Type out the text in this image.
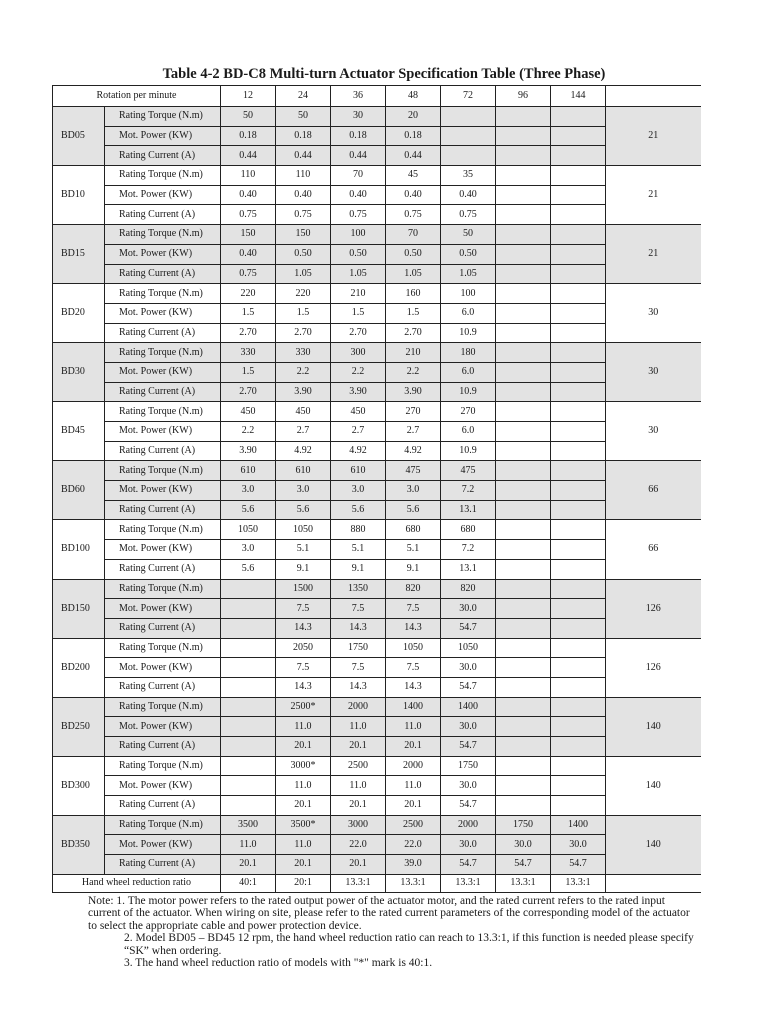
Table 4-2 BD-C8 Multi-turn Actuator Specification Table (Three Phase)
Rotation per minute		12	24	36	48	72	96	144	
BD05	Rating Torque (N.m)	50	50	30	20				21
	Mot. Power (KW)	0.18	0.18	0.18	0.18				
	Rating Current (A)	0.44	0.44	0.44	0.44				
BD10	Rating Torque (N.m)	110	110	70	45	35			21
	Mot. Power (KW)	0.40	0.40	0.40	0.40	0.40			
	Rating Current (A)	0.75	0.75	0.75	0.75	0.75			
BD15	Rating Torque (N.m)	150	150	100	70	50			21
	Mot. Power (KW)	0.40	0.50	0.50	0.50	0.50			
	Rating Current (A)	0.75	1.05	1.05	1.05	1.05			
BD20	Rating Torque (N.m)	220	220	210	160	100			30
	Mot. Power (KW)	1.5	1.5	1.5	1.5	6.0			
	Rating Current (A)	2.70	2.70	2.70	2.70	10.9			
BD30	Rating Torque (N.m)	330	330	300	210	180			30
	Mot. Power (KW)	1.5	2.2	2.2	2.2	6.0			
	Rating Current (A)	2.70	3.90	3.90	3.90	10.9			
BD45	Rating Torque (N.m)	450	450	450	270	270			30
	Mot. Power (KW)	2.2	2.7	2.7	2.7	6.0			
	Rating Current (A)	3.90	4.92	4.92	4.92	10.9			
BD60	Rating Torque (N.m)	610	610	610	475	475			66
	Mot. Power (KW)	3.0	3.0	3.0	3.0	7.2			
	Rating Current (A)	5.6	5.6	5.6	5.6	13.1			
BD100	Rating Torque (N.m)	1050	1050	880	680	680			66
	Mot. Power (KW)	3.0	5.1	5.1	5.1	7.2			
	Rating Current (A)	5.6	9.1	9.1	9.1	13.1			
BD150	Rating Torque (N.m)		1500	1350	820	820			126
	Mot. Power (KW)		7.5	7.5	7.5	30.0			
	Rating Current (A)		14.3	14.3	14.3	54.7			
BD200	Rating Torque (N.m)		2050	1750	1050	1050			126
	Mot. Power (KW)		7.5	7.5	7.5	30.0			
	Rating Current (A)		14.3	14.3	14.3	54.7			
BD250	Rating Torque (N.m)		2500*	2000	1400	1400			140
	Mot. Power (KW)		11.0	11.0	11.0	30.0			
	Rating Current (A)		20.1	20.1	20.1	54.7			
BD300	Rating Torque (N.m)		3000*	2500	2000	1750			140
	Mot. Power (KW)		11.0	11.0	11.0	30.0			
	Rating Current (A)		20.1	20.1	20.1	54.7			
BD350	Rating Torque (N.m)	3500	3500*	3000	2500	2000	1750	1400	140
	Mot. Power (KW)	11.0	11.0	22.0	22.0	30.0	30.0	30.0	
	Rating Current (A)	20.1	20.1	20.1	39.0	54.7	54.7	54.7	
Hand wheel reduction ratio		40:1	20:1	13.3:1	13.3:1	13.3:1	13.3:1	13.3:1	

Note: 1. The motor power refers to the rated output power of the actuator motor, and the rated current refers to the rated input current of the actuator. When wiring on site, please refer to the rated current parameters of the corresponding model of the actuator to select the appropriate cable and power protection device.

2. Model BD05 – BD45 12 rpm, the hand wheel reduction ratio can reach to 13.3:1, if this function is needed please specify “SK” when ordering.

3. The hand wheel reduction ratio of models with "*" mark is 40:1.
